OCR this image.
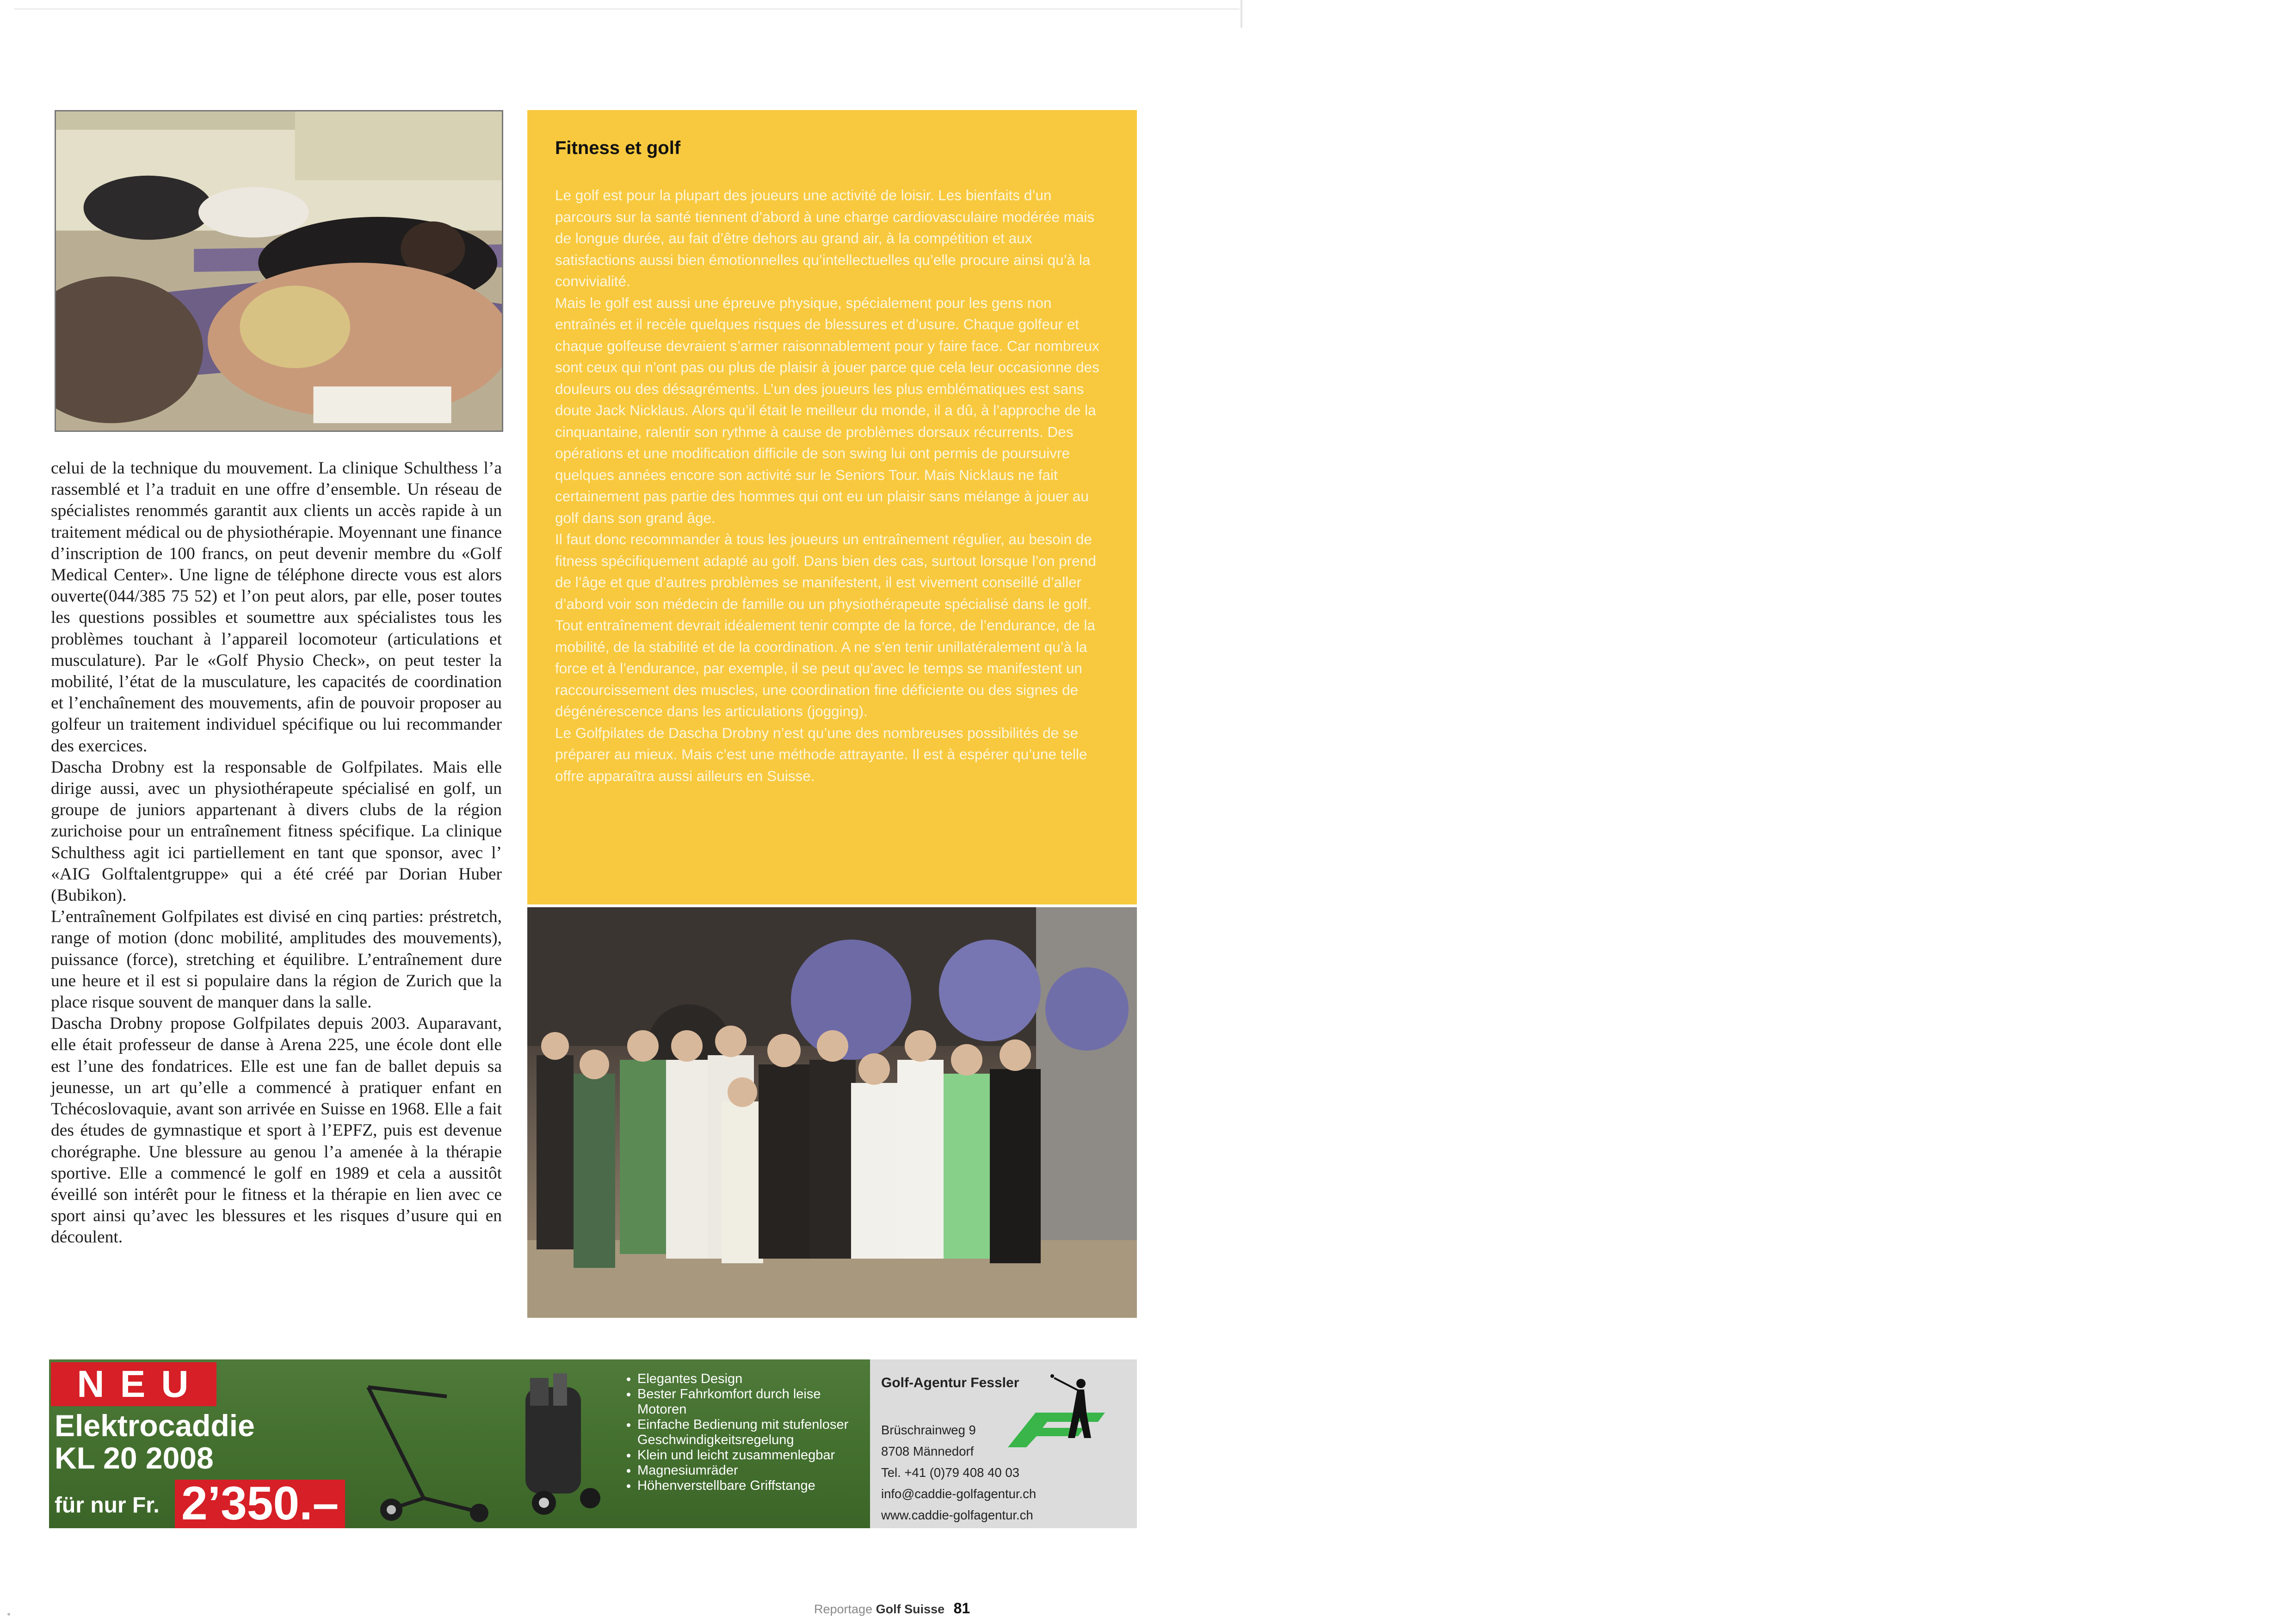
celui de la technique du mouvement. La clinique Schulthess l’a rassemblé et l’a traduit en une offre d’ensemble. Un réseau de spécialistes renommés garantit aux clients un accès rapide à un traitement médical ou de physiothérapie. Moyennant une finance d’inscription de 100 francs, on peut devenir membre du «Golf Medical Center». Une ligne de téléphone directe vous est alors ouverte(044/385 75 52) et l’on peut alors, par elle, poser toutes les questions possibles et soumettre aux spécialistes tous les problèmes touchant à l’appareil locomoteur (articulations et musculature). Par le «Golf Physio Check», on peut tester la mobilité, l’état de la musculature, les capacités de coordination et l’enchaînement des mouvements, afin de pouvoir proposer au golfeur un traitement individuel spécifique ou lui recommander des exercices.

Dascha Drobny est la responsable de Golfpilates. Mais elle dirige aussi, avec un physiothérapeute spécialisé en golf, un groupe de juniors appartenant à divers clubs de la région zurichoise pour un entraînement fitness spécifique. La clinique Schulthess agit ici partiellement en tant que sponsor, avec l’ «AIG Golftalentgruppe» qui a été créé par Dorian Huber (Bubikon).

L’entraînement Golfpilates est divisé en cinq parties: préstretch, range of motion (donc mobilité, amplitudes des mouvements), puissance (force), stretching et équilibre. L’entraînement dure une heure et il est si populaire dans la région de Zurich que la place risque souvent de manquer dans la salle.

Dascha Drobny propose Golfpilates depuis 2003. Auparavant, elle était professeur de danse à Arena 225, une école dont elle est l’une des fondatrices. Elle est une fan de ballet depuis sa jeunesse, un art qu’elle a commencé à pratiquer enfant en Tchécoslovaquie, avant son arrivée en Suisse en 1968. Elle a fait des études de gymnastique et sport à l’EPFZ, puis est devenue chorégraphe. Une blessure au genou l’a amenée à la thérapie sportive. Elle a commencé le golf en 1989 et cela a aussitôt éveillé son intérêt pour le fitness et la thérapie en lien avec ce sport ainsi qu’avec les blessures et les risques d’usure qui en découlent.

Fitness et golf

Le golf est pour la plupart des joueurs une activité de loisir. Les bienfaits d’un parcours sur la santé tiennent d’abord à une charge cardiovasculaire modérée mais de longue durée, au fait d’être dehors au grand air, à la compétition et aux satisfactions aussi bien émotionnelles qu’intellectuelles qu’elle procure ainsi qu’à la convivialité.

Mais le golf est aussi une épreuve physique, spécialement pour les gens non entraînés et il recèle quelques risques de blessures et d’usure. Chaque golfeur et chaque golfeuse devraient s’armer raisonnablement pour y faire face. Car nombreux sont ceux qui n’ont pas ou plus de plaisir à jouer parce que cela leur occasionne des douleurs ou des désagréments. L’un des joueurs les plus emblématiques est sans doute Jack Nicklaus. Alors qu’il était le meilleur du monde, il a dû, à l’approche de la cinquantaine, ralentir son rythme à cause de problèmes dorsaux récurrents. Des opérations et une modification difficile de son swing lui ont permis de poursuivre quelques années encore son activité sur le Seniors Tour. Mais Nicklaus ne fait certainement pas partie des hommes qui ont eu un plaisir sans mélange à jouer au golf dans son grand âge.

Il faut donc recommander à tous les joueurs un entraînement régulier, au besoin de fitness spécifiquement adapté au golf. Dans bien des cas, surtout lorsque l’on prend de l’âge et que d’autres problèmes se manifestent, il est vivement conseillé d’aller d’abord voir son médecin de famille ou un physiothérapeute spécialisé dans le golf. Tout entraînement devrait idéalement tenir compte de la force, de l’endurance, de la mobilité, de la stabilité et de la coordination. A ne s’en tenir unillatéralement qu’à la force et à l’endurance, par exemple, il se peut qu’avec le temps se manifestent un raccourcissement des muscles, une coordination fine déficiente ou des signes de dégénérescence dans les articulations (jogging).

Le Golfpilates de Dascha Drobny n’est qu’une des nombreuses possibilités de se préparer au mieux. Mais c’est une méthode attrayante. Il est à espérer qu’une telle offre apparaîtra aussi ailleurs en Suisse.

NEU
Elektrocaddie
KL 20 2008
für nur Fr. 2’350.–
• Elegantes Design
• Bester Fahrkomfort durch leise Motoren
• Einfache Bedienung mit stufenloser Geschwindigkeitsregelung
• Klein und leicht zusammenlegbar
• Magnesiumräder
• Höhenverstellbare Griffstange
Golf-Agentur Fessler
Brüschrainweg 9
8708 Männedorf
Tel. +41 (0)79 408 40 03
info@caddie-golfagentur.ch
www.caddie-golfagentur.ch
Reportage Golf Suisse 81
